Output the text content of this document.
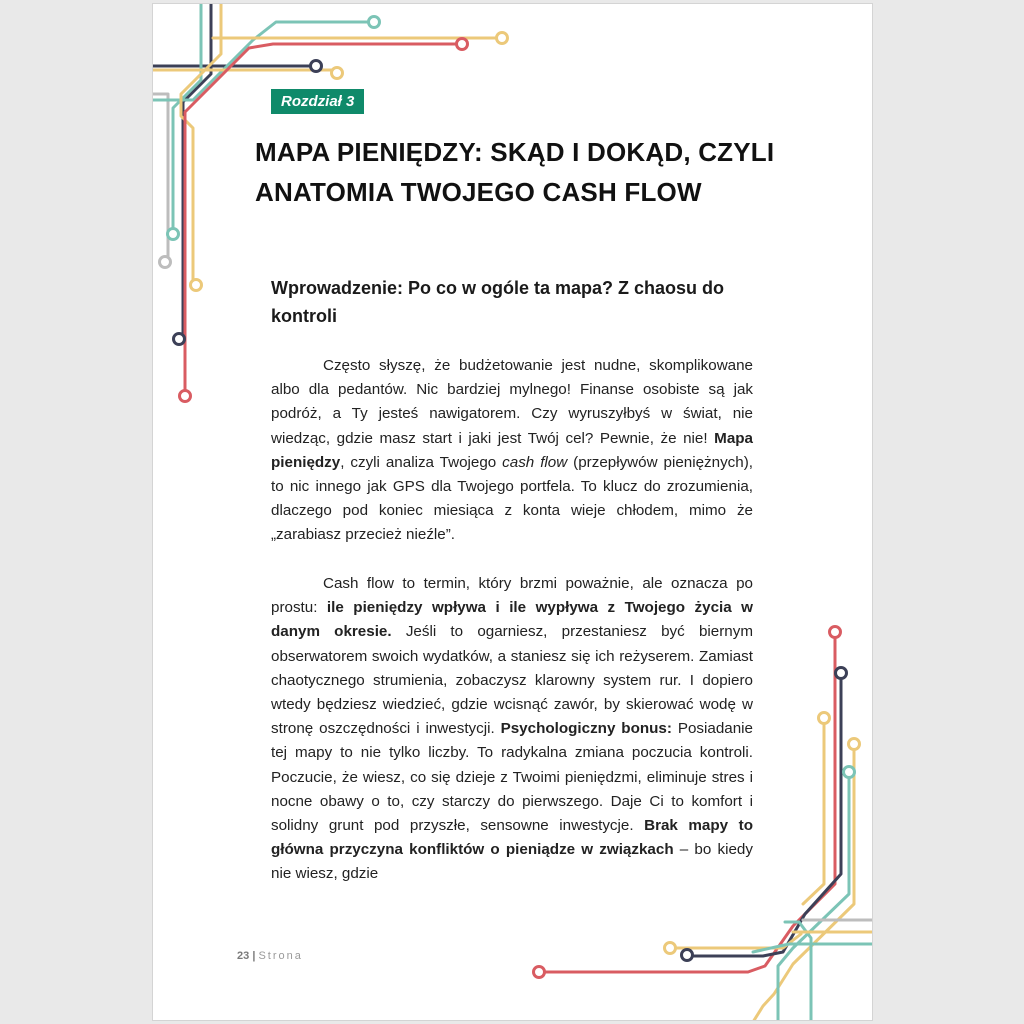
Rozdział 3
MAPA PIENIĘDZY: SKĄD I DOKĄD, CZYLI
ANATOMIA TWOJEGO CASH FLOW
Wprowadzenie: Po co w ogóle ta mapa? Z chaosu do kontroli

Często słyszę, że budżetowanie jest nudne, skomplikowane albo dla pedantów. Nic bardziej mylnego! Finanse osobiste są jak podróż, a Ty jesteś nawigatorem. Czy wyruszyłbyś w świat, nie wiedząc, gdzie masz start i jaki jest Twój cel? Pewnie, że nie! Mapa pieniędzy, czyli analiza Twojego cash flow (przepływów pieniężnych), to nic innego jak GPS dla Twojego portfela. To klucz do zrozumienia, dlaczego pod koniec miesiąca z konta wieje chłodem, mimo że „zarabiasz przecież nieźle”.

Cash flow to termin, który brzmi poważnie, ale oznacza po prostu: ile pieniędzy wpływa i ile wypływa z Twojego życia w danym okresie. Jeśli to ogarniesz, przestaniesz być biernym obserwatorem swoich wydatków, a staniesz się ich reżyserem. Zamiast chaotycznego strumienia, zobaczysz klarowny system rur. I dopiero wtedy będziesz wiedzieć, gdzie wcisnąć zawór, by skierować wodę w stronę oszczędności i inwestycji. Psychologiczny bonus: Posiadanie tej mapy to nie tylko liczby. To radykalna zmiana poczucia kontroli. Poczucie, że wiesz, co się dzieje z Twoimi pieniędzmi, eliminuje stres i nocne obawy o to, czy starczy do pierwszego. Daje Ci to komfort i solidny grunt pod przyszłe, sensowne inwestycje. Brak mapy to główna przyczyna konfliktów o pieniądze w związkach – bo kiedy nie wiesz, gdzie

23 | Strona
